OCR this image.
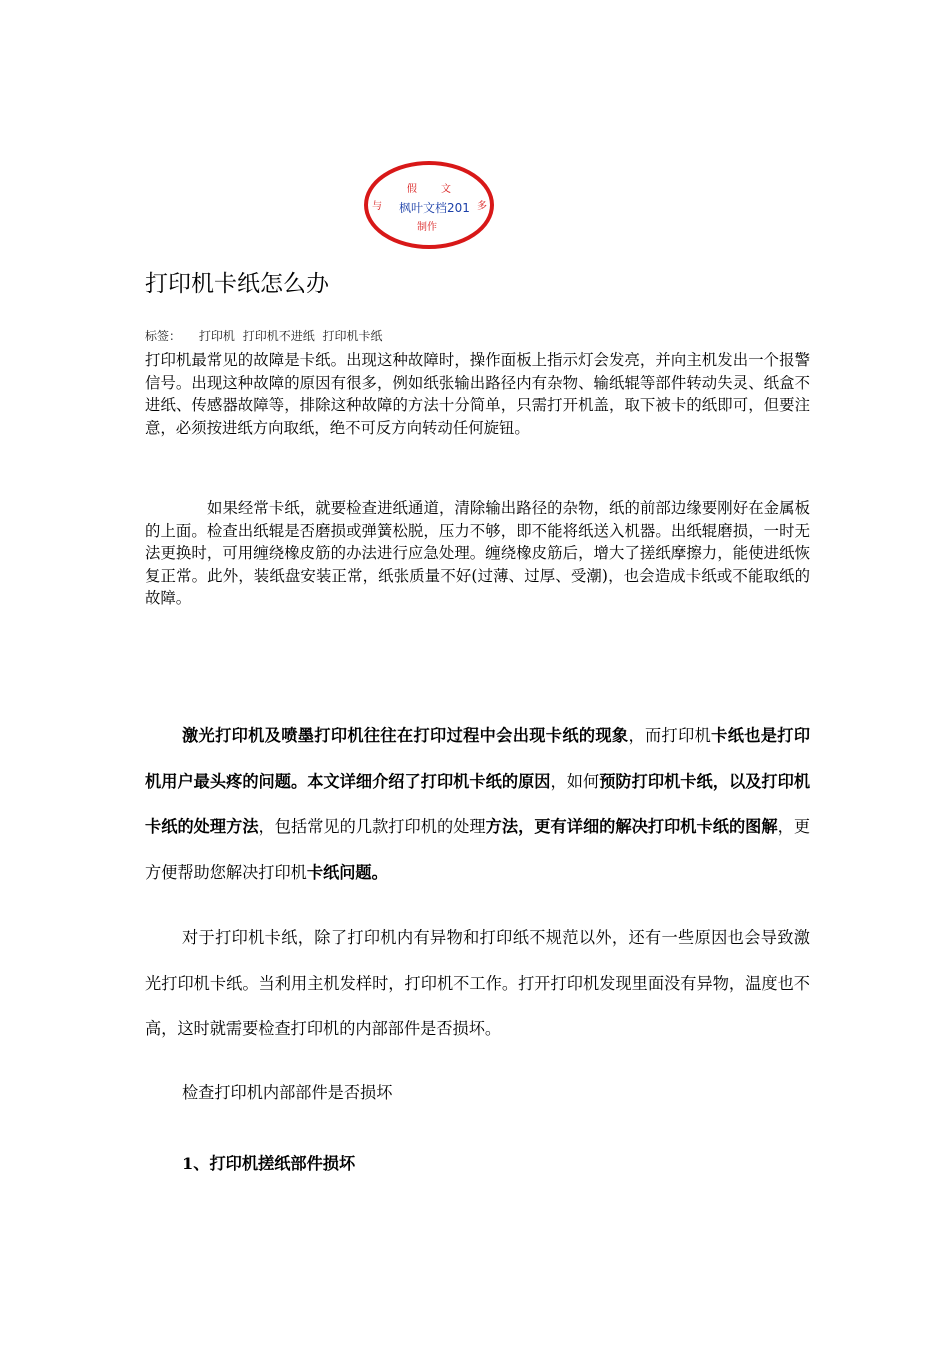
与
假 文
多
枫叶文档201
制作
打印机卡纸怎么办
标签： 打印机 打印机不进纸 打印机卡纸

打印机最常见的故障是卡纸。出现这种故障时，操作面板上指示灯会发亮，并向主机发出一个报警信号。出现这种故障的原因有很多，例如纸张输出路径内有杂物、输纸辊等部件转动失灵、纸盒不进纸、传感器故障等，排除这种故障的方法十分简单，只需打开机盖，取下被卡的纸即可，但要注意，必须按进纸方向取纸，绝不可反方向转动任何旋钮。

如果经常卡纸，就要检查进纸通道，清除输出路径的杂物，纸的前部边缘要刚好在金属板的上面。检查出纸辊是否磨损或弹簧松脱，压力不够，即不能将纸送入机器。出纸辊磨损，一时无法更换时，可用缠绕橡皮筋的办法进行应急处理。缠绕橡皮筋后，增大了搓纸摩擦力，能使进纸恢复正常。此外，装纸盘安装正常，纸张质量不好(过薄、过厚、受潮)，也会造成卡纸或不能取纸的故障。

激光打印机及喷墨打印机往往在打印过程中会出现卡纸的现象，而打印机卡纸也是打印机用户最头疼的问题。本文详细介绍了打印机卡纸的原因，如何预防打印机卡纸，以及打印机卡纸的处理方法，包括常见的几款打印机的处理方法，更有详细的解决打印机卡纸的图解，更方便帮助您解决打印机卡纸问题。

对于打印机卡纸，除了打印机内有异物和打印纸不规范以外，还有一些原因也会导致激光打印机卡纸。当利用主机发样时，打印机不工作。打开打印机发现里面没有异物，温度也不高，这时就需要检查打印机的内部部件是否损坏。

检查打印机内部部件是否损坏
1、打印机搓纸部件损坏
